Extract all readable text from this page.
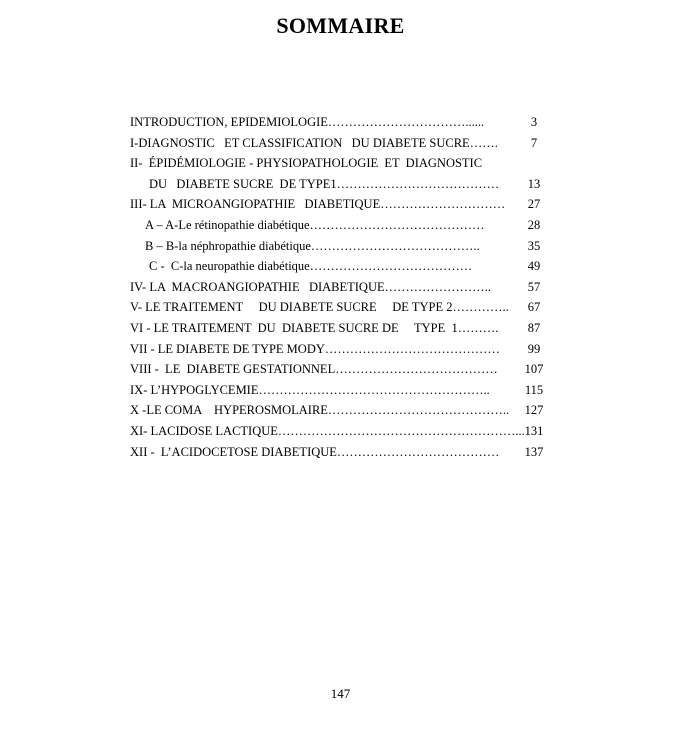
SOMMAIRE
INTRODUCTION, EPIDEMIOLOGIE……………………………......	3
I-DIAGNOSTIC   ET CLASSIFICATION   DU DIABETE SUCRE…….	7
II-  ÉPIDÉMIOLOGIE - PHYSIOPATHOLOGIE  ET  DIAGNOSTIC
DU   DIABETE SUCRE  DE TYPE1…………………………………	13
III- LA  MICROANGIOPATHIE   DIABETIQUE…………………………	27
A – A-Le rétinopathie diabétique……………………………………	28
B – B-la néphropathie diabétique…………………………………..	35
C -  C-la neuropathie diabétique…………………………………	49
IV- LA  MACROANGIOPATHIE   DIABETIQUE……………………..	57
V- LE TRAITEMENT     DU DIABETE SUCRE     DE TYPE 2…………..	67
VI - LE TRAITEMENT  DU  DIABETE SUCRE DE     TYPE  1……….	87
VII - LE DIABETE DE TYPE MODY……………………………………	99
VIII -  LE  DIABETE GESTATIONNEL…………………………………	107
IX- L’HYPOGLYCEMIE………………………………………………..	115
X -LE COMA    HYPEROSMOLAIRE……………………………………..	127
XI- LACIDOSE LACTIQUE…………………………………………………... 131
XII -  L’ACIDOCETOSE DIABETIQUE…………………………………	137
147
